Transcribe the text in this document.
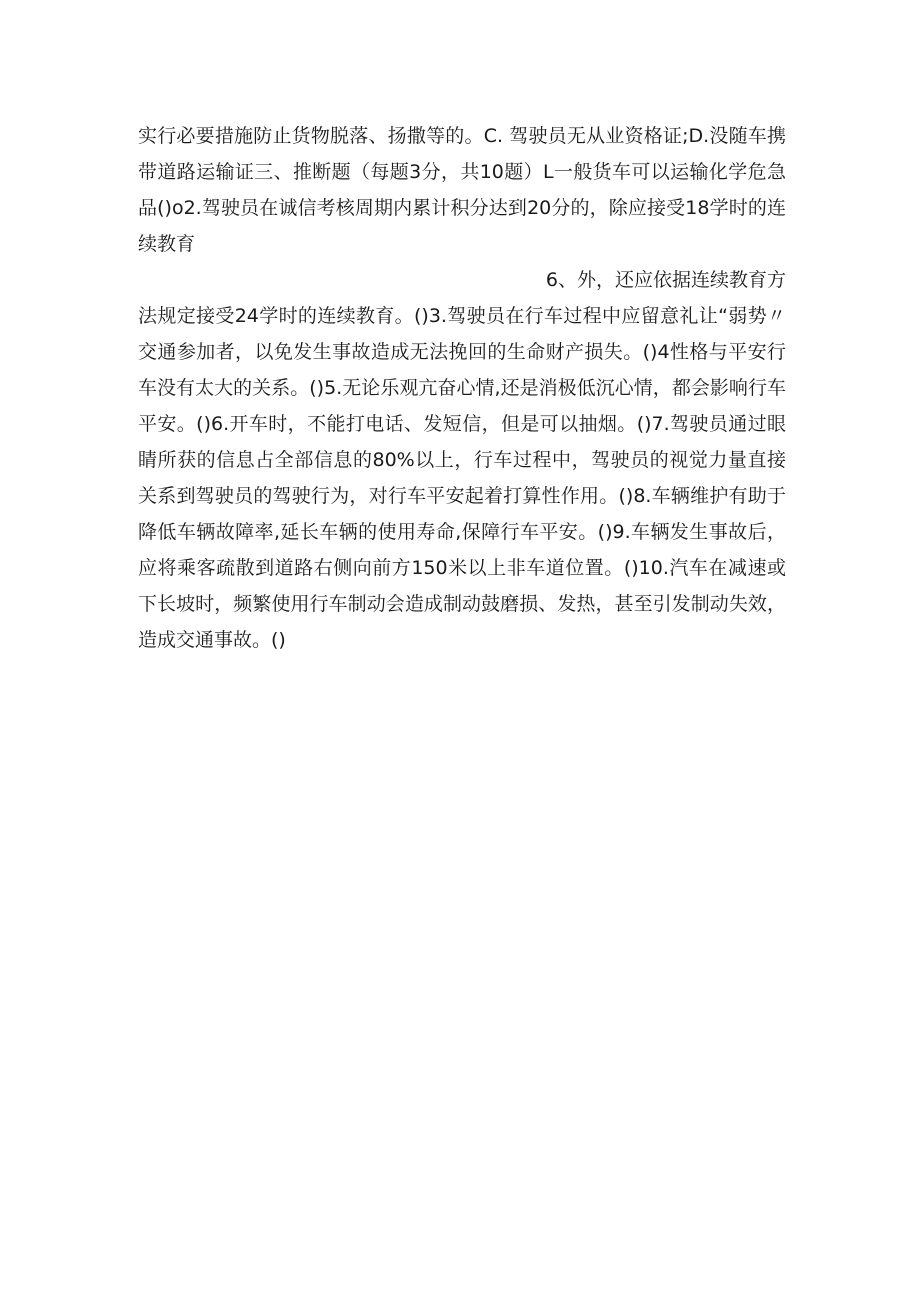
实行必要措施防止货物脱落、扬撒等的。C. 驾驶员无从业资格证;D.没随车携带道路运输证三、推断题（每题3分，共10题）L一般货车可以运输化学危急品()o2.驾驶员在诚信考核周期内累计积分达到20分的，除应接受18学时的连续教育

6、外，还应依据连续教育方

法规定接受24学时的连续教育。()3.驾驶员在行车过程中应留意礼让“弱势〃交通参加者，以免发生事故造成无法挽回的生命财产损失。()4性格与平安行车没有太大的关系。()5.无论乐观亢奋心情,还是消极低沉心情，都会影响行车平安。()6.开车时，不能打电话、发短信，但是可以抽烟。()7.驾驶员通过眼睛所获的信息占全部信息的80%以上，行车过程中，驾驶员的视觉力量直接关系到驾驶员的驾驶行为，对行车平安起着打算性作用。()8.车辆维护有助于降低车辆故障率,延长车辆的使用寿命,保障行车平安。()9.车辆发生事故后，应将乘客疏散到道路右侧向前方150米以上非车道位置。()10.汽车在减速或下长坡时，频繁使用行车制动会造成制动鼓磨损、发热，甚至引发制动失效，造成交通事故。()
